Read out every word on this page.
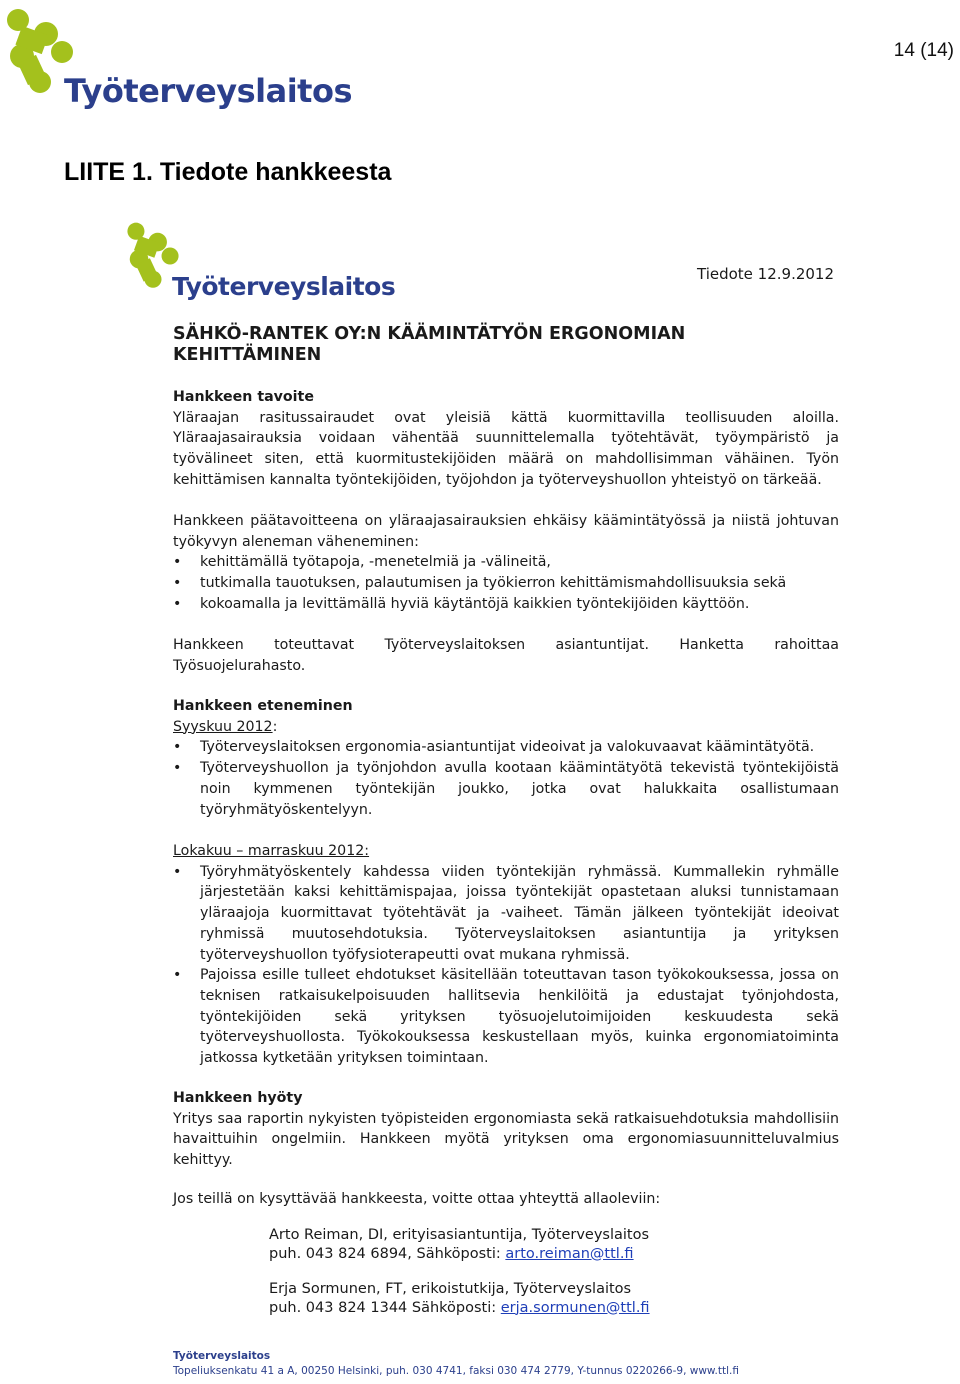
Työterveyslaitos
14 (14)
LIITE 1. Tiedote hankkeesta
Työterveyslaitos	Tiedote 12.9.2012
SÄHKÖ-RANTEK OY:N KÄÄMINTÄTYÖN ERGONOMIAN KEHITTÄMINEN

Hankkeen tavoite

Yläraajan rasitussairaudet ovat yleisiä kättä kuormittavilla teollisuuden aloilla. Yläraajasairauksia voidaan vähentää suunnittelemalla työtehtävät, työympäristö ja työvälineet siten, että kuormitustekijöiden määrä on mahdollisimman vähäinen. Työn kehittämisen kannalta työntekijöiden, työjohdon ja työterveyshuollon yhteistyö on tärkeää.

Hankkeen päätavoitteena on yläraajasairauksien ehkäisy käämintätyössä ja niistä johtuvan työkyvyn aleneman väheneminen:

• kehittämällä työtapoja, -menetelmiä ja -välineitä,
• tutkimalla tauotuksen, palautumisen ja työkierron kehittämismahdollisuuksia sekä
• kokoamalla ja levittämällä hyviä käytäntöjä kaikkien työntekijöiden käyttöön.
Hankkeen toteuttavat Työterveyslaitoksen asiantuntijat. Hanketta rahoittaa Työsuojelurahasto.

Hankkeen eteneminen

Syyskuu 2012:

• Työterveyslaitoksen ergonomia-asiantuntijat videoivat ja valokuvaavat käämintätyötä.
• Työterveyshuollon ja työnjohdon avulla kootaan käämintätyötä tekevistä työntekijöistä noin kymmenen työntekijän joukko, jotka ovat halukkaita osallistumaan työryhmätyöskentelyyn.

Lokakuu – marraskuu 2012:

• Työryhmätyöskentely kahdessa viiden työntekijän ryhmässä. Kummallekin ryhmälle järjestetään kaksi kehittämispajaa, joissa työntekijät opastetaan aluksi tunnistamaan yläraajoja kuormittavat työtehtävät ja -vaiheet. Tämän jälkeen työntekijät ideoivat ryhmissä muutosehdotuksia. Työterveyslaitoksen asiantuntija ja yrityksen työterveyshuollon työfysioterapeutti ovat mukana ryhmissä.
• Pajoissa esille tulleet ehdotukset käsitellään toteuttavan tason työkokouksessa, jossa on teknisen ratkaisukelpoisuuden hallitsevia henkilöitä ja edustajat työnjohdosta, työntekijöiden sekä yrityksen työsuojelutoimijoiden keskuudesta sekä työterveyshuollosta. Työkokouksessa keskustellaan myös, kuinka ergonomiatoiminta jatkossa kytketään yrityksen toimintaan.

Hankkeen hyöty

Yritys saa raportin nykyisten työpisteiden ergonomiasta sekä ratkaisuehdotuksia mahdollisiin havaittuihin ongelmiin. Hankkeen myötä yrityksen oma ergonomiasuunnitteluvalmius kehittyy.

Jos teillä on kysyttävää hankkeesta, voitte ottaa yhteyttä allaoleviin:
Arto Reiman, DI, erityisasiantuntija, Työterveyslaitos
puh. 043 824 6894, Sähköposti: arto.reiman@ttl.fi
Erja Sormunen, FT, erikoistutkija, Työterveyslaitos
puh. 043 824 1344 Sähköposti: erja.sormunen@ttl.fi
Työterveyslaitos
Topeliuksenkatu 41 a A, 00250 Helsinki, puh. 030 4741, faksi 030 474 2779, Y-tunnus 0220266-9, www.ttl.fi
